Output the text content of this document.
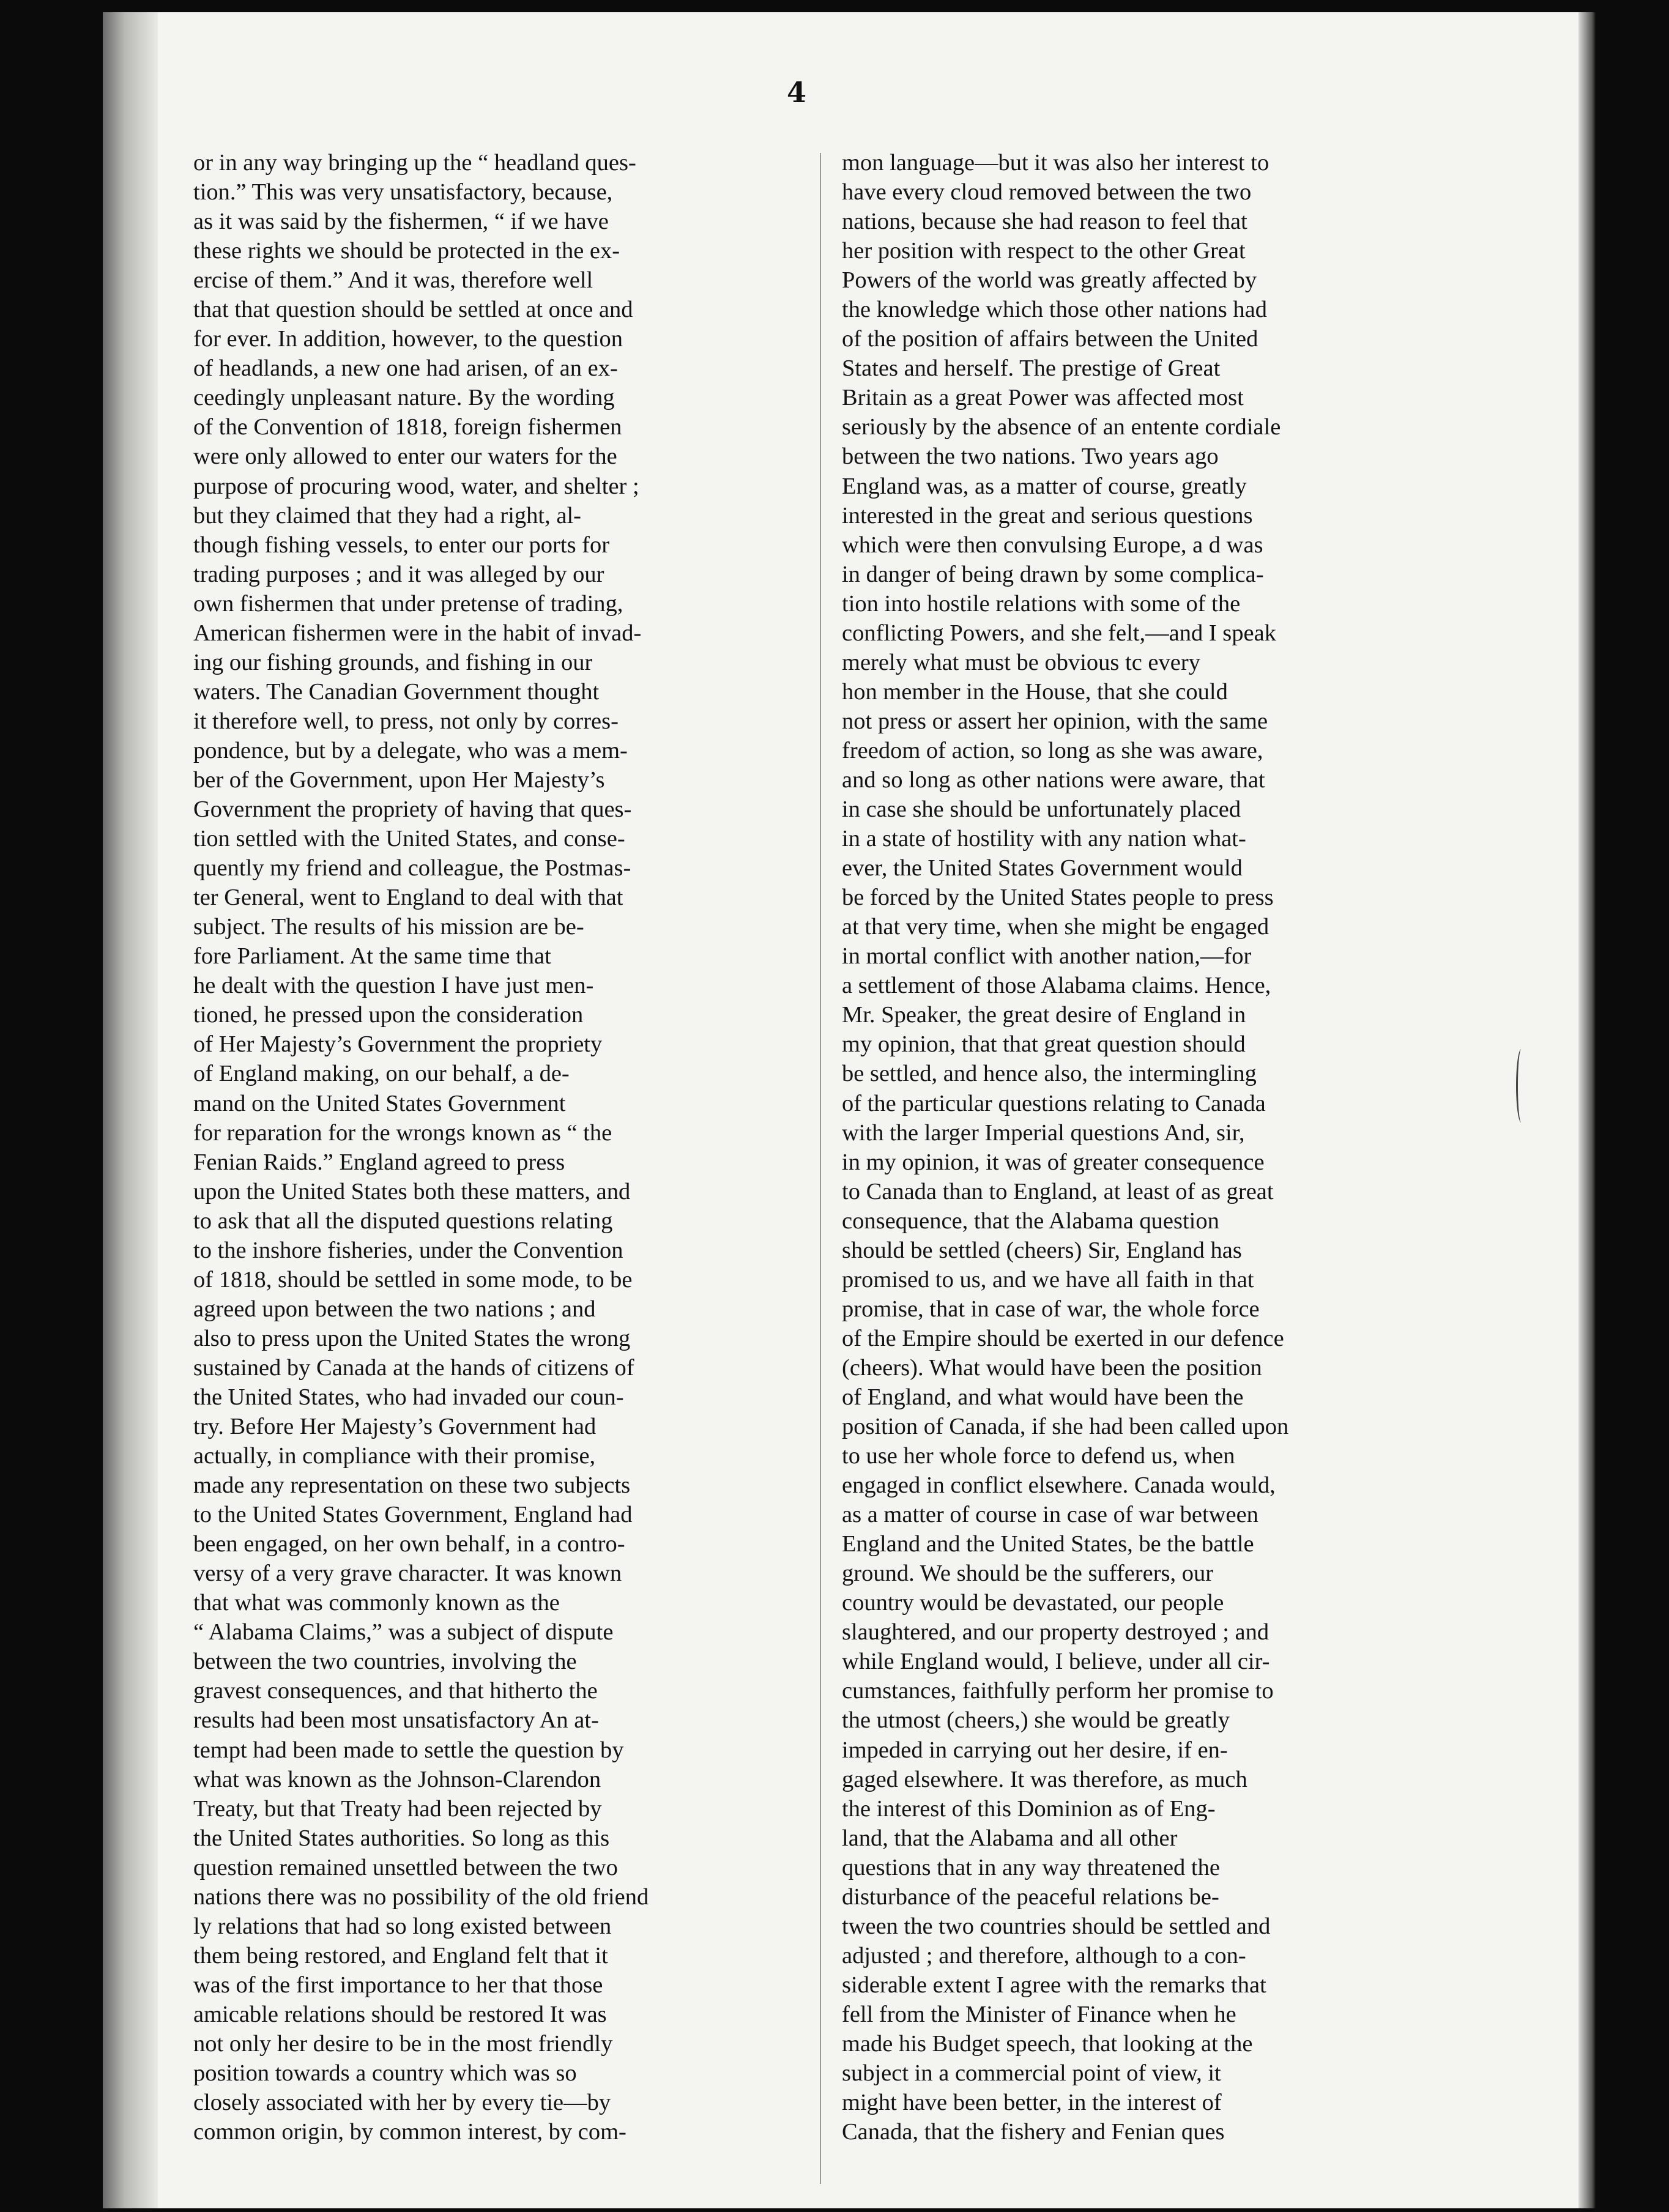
4
or in any way bringing up the “ headland ques-
tion.” This was very unsatisfactory, because,
as it was said by the fishermen, “ if we have
these rights we should be protected in the ex-
ercise of them.” And it was, therefore well
that that question should be settled at once and
for ever. In addition, however, to the question
of headlands, a new one had arisen, of an ex-
ceedingly unpleasant nature. By the wording
of the Convention of 1818, foreign fishermen
were only allowed to enter our waters for the
purpose of procuring wood, water, and shelter ;
but they claimed that they had a right, al-
though fishing vessels, to enter our ports for
trading purposes ; and it was alleged by our
own fishermen that under pretense of trading,
American fishermen were in the habit of invad-
ing our fishing grounds, and fishing in our
waters. The Canadian Government thought
it therefore well, to press, not only by corres-
pondence, but by a delegate, who was a mem-
ber of the Government, upon Her Majesty’s
Government the propriety of having that ques-
tion settled with the United States, and conse-
quently my friend and colleague, the Postmas-
ter General, went to England to deal with that
subject. The results of his mission are be-
fore Parliament. At the same time that
he dealt with the question I have just men-
tioned, he pressed upon the consideration
of Her Majesty’s Government the propriety
of England making, on our behalf, a de-
mand on the United States Government
for reparation for the wrongs known as “ the
Fenian Raids.” England agreed to press
upon the United States both these matters, and
to ask that all the disputed questions relating
to the inshore fisheries, under the Convention
of 1818, should be settled in some mode, to be
agreed upon between the two nations ; and
also to press upon the United States the wrong
sustained by Canada at the hands of citizens of
the United States, who had invaded our coun-
try. Before Her Majesty’s Government had
actually, in compliance with their promise,
made any representation on these two subjects
to the United States Government, England had
been engaged, on her own behalf, in a contro-
versy of a very grave character. It was known
that what was commonly known as the
“ Alabama Claims,” was a subject of dispute
between the two countries, involving the
gravest consequences, and that hitherto the
results had been most unsatisfactory An at-
tempt had been made to settle the question by
what was known as the Johnson-Clarendon
Treaty, but that Treaty had been rejected by
the United States authorities. So long as this
question remained unsettled between the two
nations there was no possibility of the old friend
ly relations that had so long existed between
them being restored, and England felt that it
was of the first importance to her that those
amicable relations should be restored It was
not only her desire to be in the most friendly
position towards a country which was so
closely associated with her by every tie—by
common origin, by common interest, by com-
mon language—but it was also her interest to
have every cloud removed between the two
nations, because she had reason to feel that
her position with respect to the other Great
Powers of the world was greatly affected by
the knowledge which those other nations had
of the position of affairs between the United
States and herself. The prestige of Great
Britain as a great Power was affected most
seriously by the absence of an entente cordiale
between the two nations. Two years ago
England was, as a matter of course, greatly
interested in the great and serious questions
which were then convulsing Europe, a d was
in danger of being drawn by some complica-
tion into hostile relations with some of the
conflicting Powers, and she felt,—and I speak
merely what must be obvious tc every
hon member in the House, that she could
not press or assert her opinion, with the same
freedom of action, so long as she was aware,
and so long as other nations were aware, that
in case she should be unfortunately placed
in a state of hostility with any nation what-
ever, the United States Government would
be forced by the United States people to press
at that very time, when she might be engaged
in mortal conflict with another nation,—for
a settlement of those Alabama claims. Hence,
Mr. Speaker, the great desire of England in
my opinion, that that great question should
be settled, and hence also, the intermingling
of the particular questions relating to Canada
with the larger Imperial questions And, sir,
in my opinion, it was of greater consequence
to Canada than to England, at least of as great
consequence, that the Alabama question
should be settled (cheers) Sir, England has
promised to us, and we have all faith in that
promise, that in case of war, the whole force
of the Empire should be exerted in our defence
(cheers). What would have been the position
of England, and what would have been the
position of Canada, if she had been called upon
to use her whole force to defend us, when
engaged in conflict elsewhere. Canada would,
as a matter of course in case of war between
England and the United States, be the battle
ground. We should be the sufferers, our
country would be devastated, our people
slaughtered, and our property destroyed ; and
while England would, I believe, under all cir-
cumstances, faithfully perform her promise to
the utmost (cheers,) she would be greatly
impeded in carrying out her desire, if en-
gaged elsewhere. It was therefore, as much
the interest of this Dominion as of Eng-
land, that the Alabama and all other
questions that in any way threatened the
disturbance of the peaceful relations be-
tween the two countries should be settled and
adjusted ; and therefore, although to a con-
siderable extent I agree with the remarks that
fell from the Minister of Finance when he
made his Budget speech, that looking at the
subject in a commercial point of view, it
might have been better, in the interest of
Canada, that the fishery and Fenian ques
